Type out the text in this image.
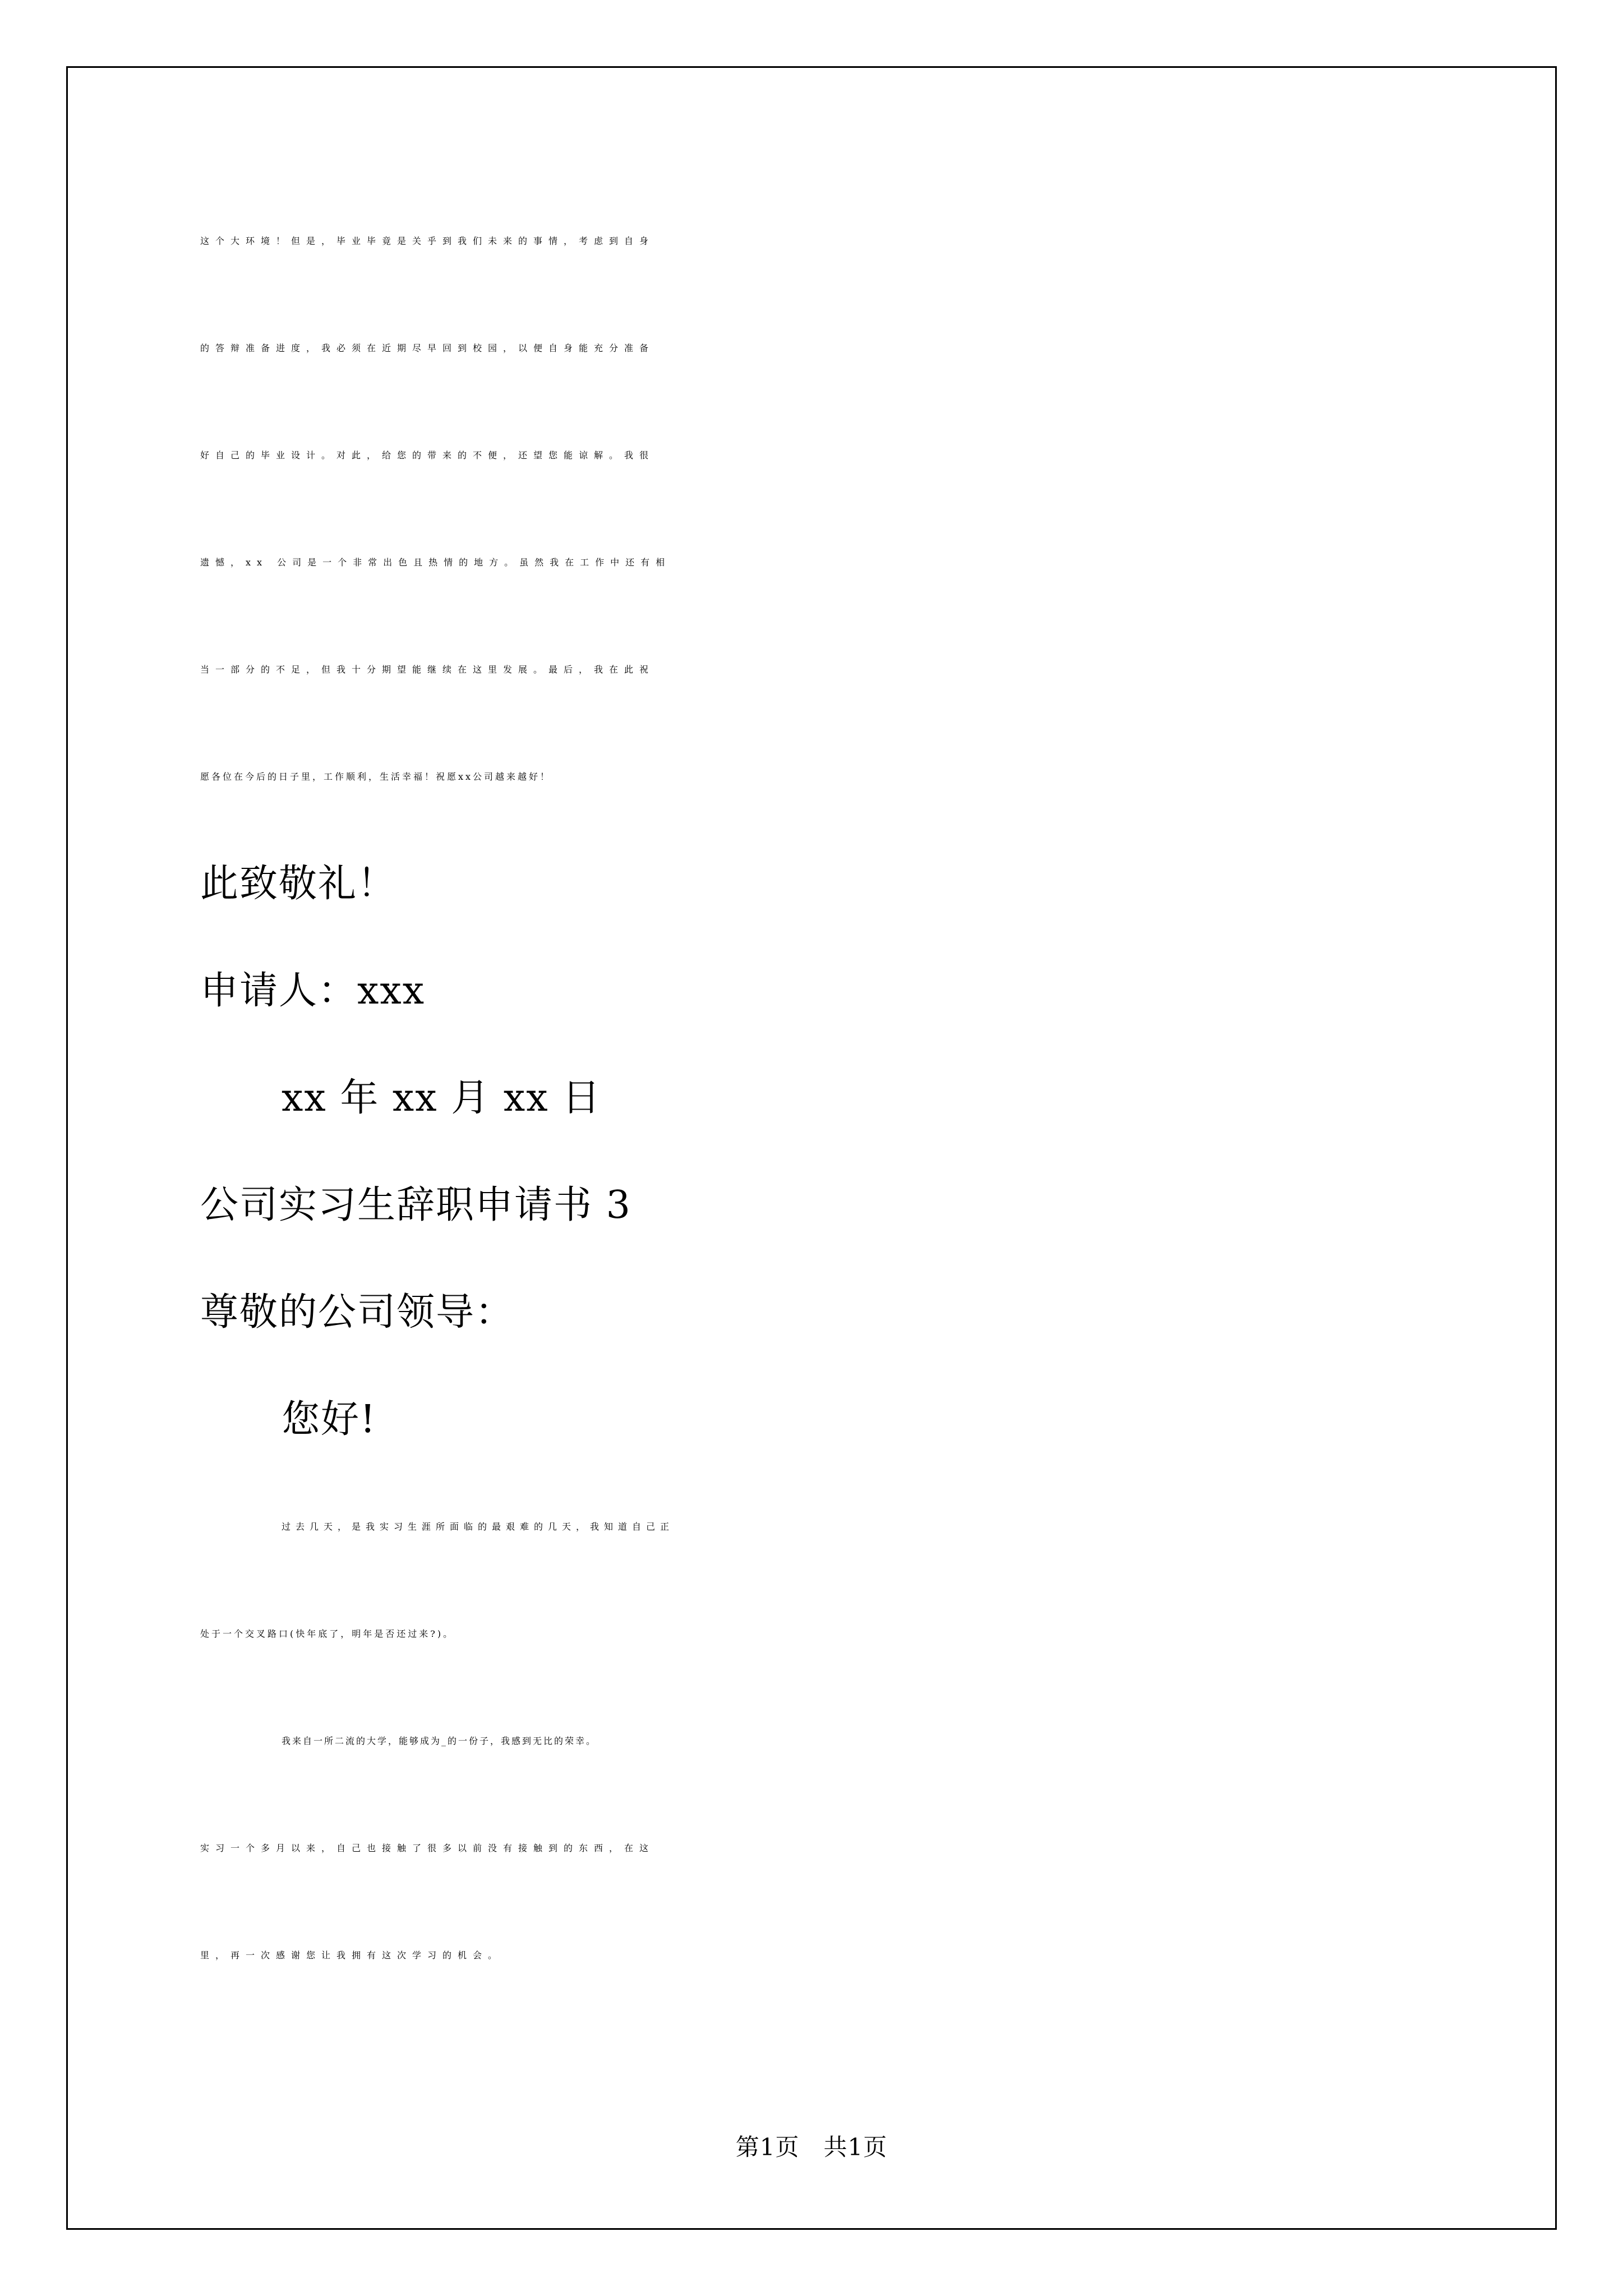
这个大环境！但是，毕业毕竟是关乎到我们未来的事情，考虑到自身
的答辩准备进度，我必须在近期尽早回到校园，以便自身能充分准备
好自己的毕业设计。对此，给您的带来的不便，还望您能谅解。我很
遗憾，xx 公司是一个非常出色且热情的地方。虽然我在工作中还有相
当一部分的不足，但我十分期望能继续在这里发展。最后，我在此祝
愿各位在今后的日子里，工作顺利，生活幸福！祝愿xx公司越来越好！
此致敬礼！
申请人：xxx
xx 年 xx 月 xx 日
公司实习生辞职申请书 3
尊敬的公司领导：
您好!
过去几天，是我实习生涯所面临的最艰难的几天，我知道自己正
处于一个交叉路口(快年底了，明年是否还过来?)。
我来自一所二流的大学，能够成为_的一份子，我感到无比的荣幸。
实习一个多月以来，自己也接触了很多以前没有接触到的东西，在这
里，再一次感谢您让我拥有这次学习的机会。
第1页　共1页
